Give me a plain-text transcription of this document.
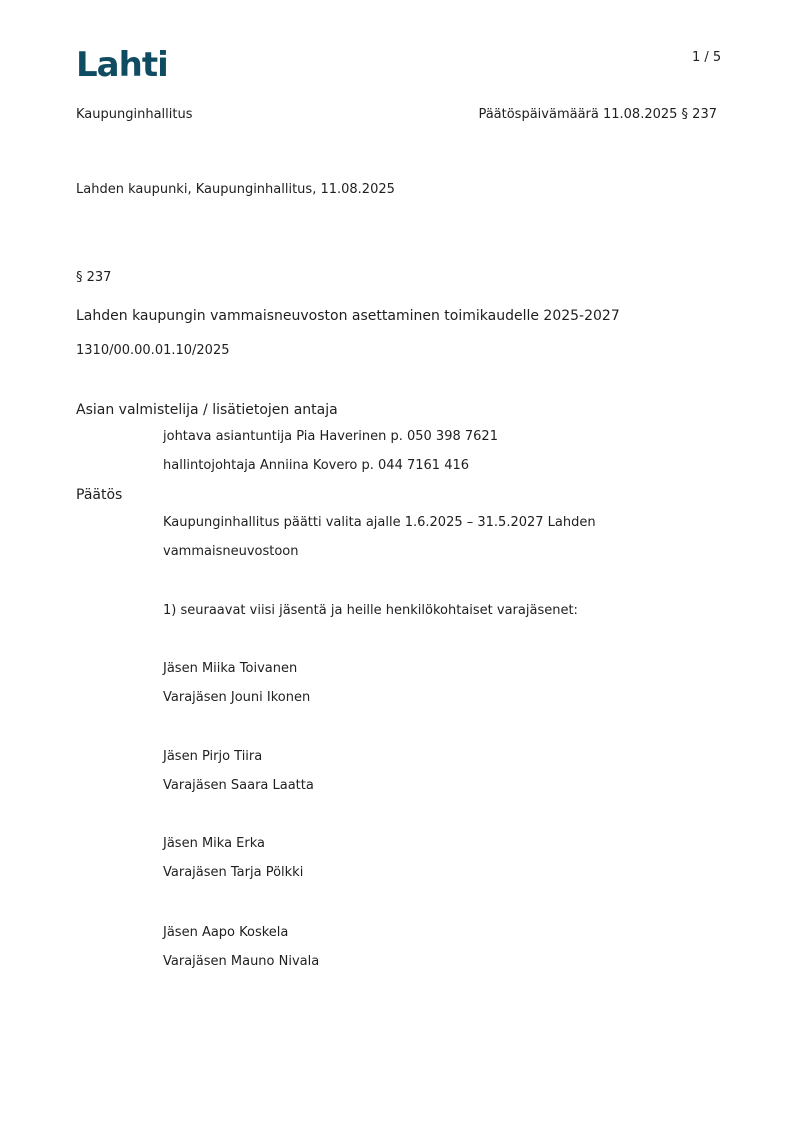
Lahti	1 / 5
Kaupunginhallitus	Päätöspäivämäärä 11.08.2025 § 237
Lahden kaupunki, Kaupunginhallitus, 11.08.2025
§ 237
Lahden kaupungin vammaisneuvoston asettaminen toimikaudelle 2025-2027
1310/00.00.01.10/2025
Asian valmistelija / lisätietojen antaja
johtava asiantuntija Pia Haverinen p. 050 398 7621
hallintojohtaja Anniina Kovero p. 044 7161 416
Päätös
Kaupunginhallitus päätti valita ajalle 1.6.2025 – 31.5.2027 Lahden
vammaisneuvostoon
1) seuraavat viisi jäsentä ja heille henkilökohtaiset varajäsenet:
Jäsen Miika Toivanen
Varajäsen Jouni Ikonen
Jäsen Pirjo Tiira
Varajäsen Saara Laatta
Jäsen Mika Erka
Varajäsen Tarja Pölkki
Jäsen Aapo Koskela
Varajäsen Mauno Nivala
